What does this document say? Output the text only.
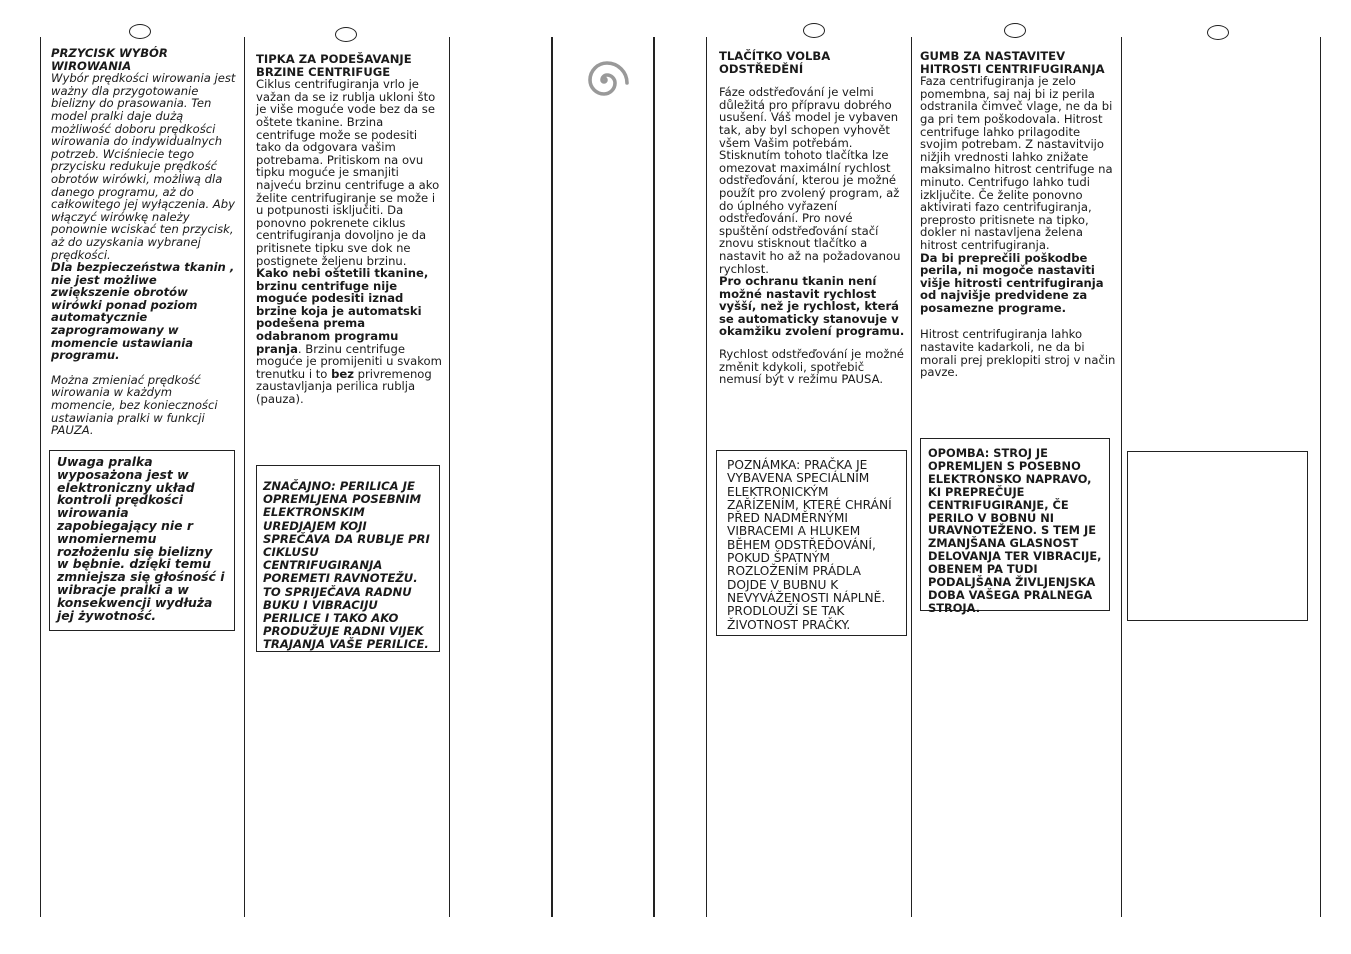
PRZYCISK WYBÓR WIROWANIA

Wybór prędkości wirowania jest ważny dla przygotowanie bielizny do prasowania. Ten model pralki daje dużą możliwość doboru prędkości wirowania do indywidualnych potrzeb. Wciśniecie tego przycisku redukuje prędkość obrotów wirówki, możliwą dla danego programu, aż do całkowitego jej wyłączenia. Aby włączyć wirówkę należy ponownie wciskać ten przycisk, aż do uzyskania wybranej prędkości.

Dla bezpieczeństwa tkanin , nie jest możliwe zwiększenie obrotów wirówki ponad poziom automatycznie zaprogramowany w momencie ustawiania programu.

Można zmieniać prędkość wirowania w każdym momencie, bez konieczności ustawiania pralki w funkcji PAUZA.

Uwaga pralka wyposażona jest w elektroniczny układ kontroli prędkości wirowania zapobiegający nie r wnomiernemu rozłożenlu się bielizny w bębnie. dzięki temu zmniejsza się głośność i wibracje pralki a w konsekwencji wydłuża jej żywotność.

TIPKA ZA PODEŠAVANJE BRZINE CENTRIFUGE

Ciklus centrifugiranja vrlo je važan da se iz rublja ukloni što je više moguće vode bez da se oštete tkanine. Brzina centrifuge može se podesiti tako da odgovara vašim potrebama. Pritiskom na ovu tipku moguće je smanjiti najveću brzinu centrifuge a ako želite centrifugiranje se može i u potpunosti isključiti. Da ponovno pokrenete ciklus centrifugiranja dovoljno je da pritisnete tipku sve dok ne postignete željenu brzinu. Kako nebi oštetili tkanine, brzinu centrifuge nije moguće podesiti iznad brzine koja je automatski podešena prema odabranom programu pranja. Brzinu centrifuge moguće je promijeniti u svakom trenutku i to bez privremenog zaustavljanja perilica rublja (pauza).

ZNAČAJNO: PERILICA JE OPREMLJENA POSEBNIM ELEKTRONSKIM UREDJAJEM KOJI SPREČAVA DA RUBLJE PRI CIKLUSU CENTRIFUGIRANJA POREMETI RAVNOTEŽU. TO SPRIJEČAVA RADNU BUKU I VIBRACIJU PERILICE I TAKO AKO PRODUŽUJE RADNI VIJEK TRAJANJA VAŠE PERILICE.

TLAČÍTKO VOLBA ODSTŘEDĚNÍ

Fáze odstřeďování je velmi důležitá pro přípravu dobrého usušení. Váš model je vybaven tak, aby byl schopen vyhovět všem Vašim potřebám. Stisknutím tohoto tlačítka lze omezovat maximální rychlost odstřeďování, kterou je možné použít pro zvolený program, až do úplného vyřazení odstřeďování. Pro nové spuštění odstřeďování stačí znovu stisknout tlačítko a nastavit ho až na požadovanou rychlost.

Pro ochranu tkanin není možné nastavit rychlost vyšší, než je rychlost, která se automaticky stanovuje v okamžiku zvolení programu.

Rychlost odstřeďování je možné změnit kdykoli, spotřebič nemusí být v režimu PAUSA.

POZNÁMKA: PRAČKA JE VYBAVENA SPECIÁLNÍM ELEKTRONICKÝM ZAŘÍZENÍM, KTERÉ CHRÁNÍ PŘED NADMĚRNÝMI VIBRACEMI A HLUKEM BĚHEM ODSTŘEĎOVÁNÍ, POKUD ŠPATNÝM ROZLOŽENÍM PRÁDLA DOJDE V BUBNU K NEVYVÁŽENOSTI NÁPLNĚ. PRODLOUŽÍ SE TAK ŽIVOTNOST PRAČKY.

GUMB ZA NASTAVITEV HITROSTI CENTRIFUGIRANJA

Faza centrifugiranja je zelo pomembna, saj naj bi iz perila odstranila čimveč vlage, ne da bi ga pri tem poškodovala. Hitrost centrifuge lahko prilagodite svojim potrebam. Z nastavitvijo nižjih vrednosti lahko znižate maksimalno hitrost centrifuge na minuto. Centrifugo lahko tudi izključite. Če želite ponovno aktivirati fazo centrifugiranja, preprosto pritisnete na tipko, dokler ni nastavljena želena hitrost centrifugiranja.

Da bi preprečili poškodbe perila, ni mogoče nastaviti višje hitrosti centrifugiranja od najvišje predvidene za posamezne programe.

Hitrost centrifugiranja lahko nastavite kadarkoli, ne da bi morali prej preklopiti stroj v način pavze.

OPOMBA: STROJ JE OPREMLJEN S POSEBNO ELEKTRONSKO NAPRAVO, KI PREPREČUJE CENTRIFUGIRANJE, ČE PERILO V BOBNU NI URAVNOTEŽENO. S TEM JE ZMANJŠANA GLASNOST DELOVANJA TER VIBRACIJE, OBENEM PA TUDI PODALJŠANA ŽIVLJENJSKA DOBA VAŠEGA PRALNEGA STROJA.
